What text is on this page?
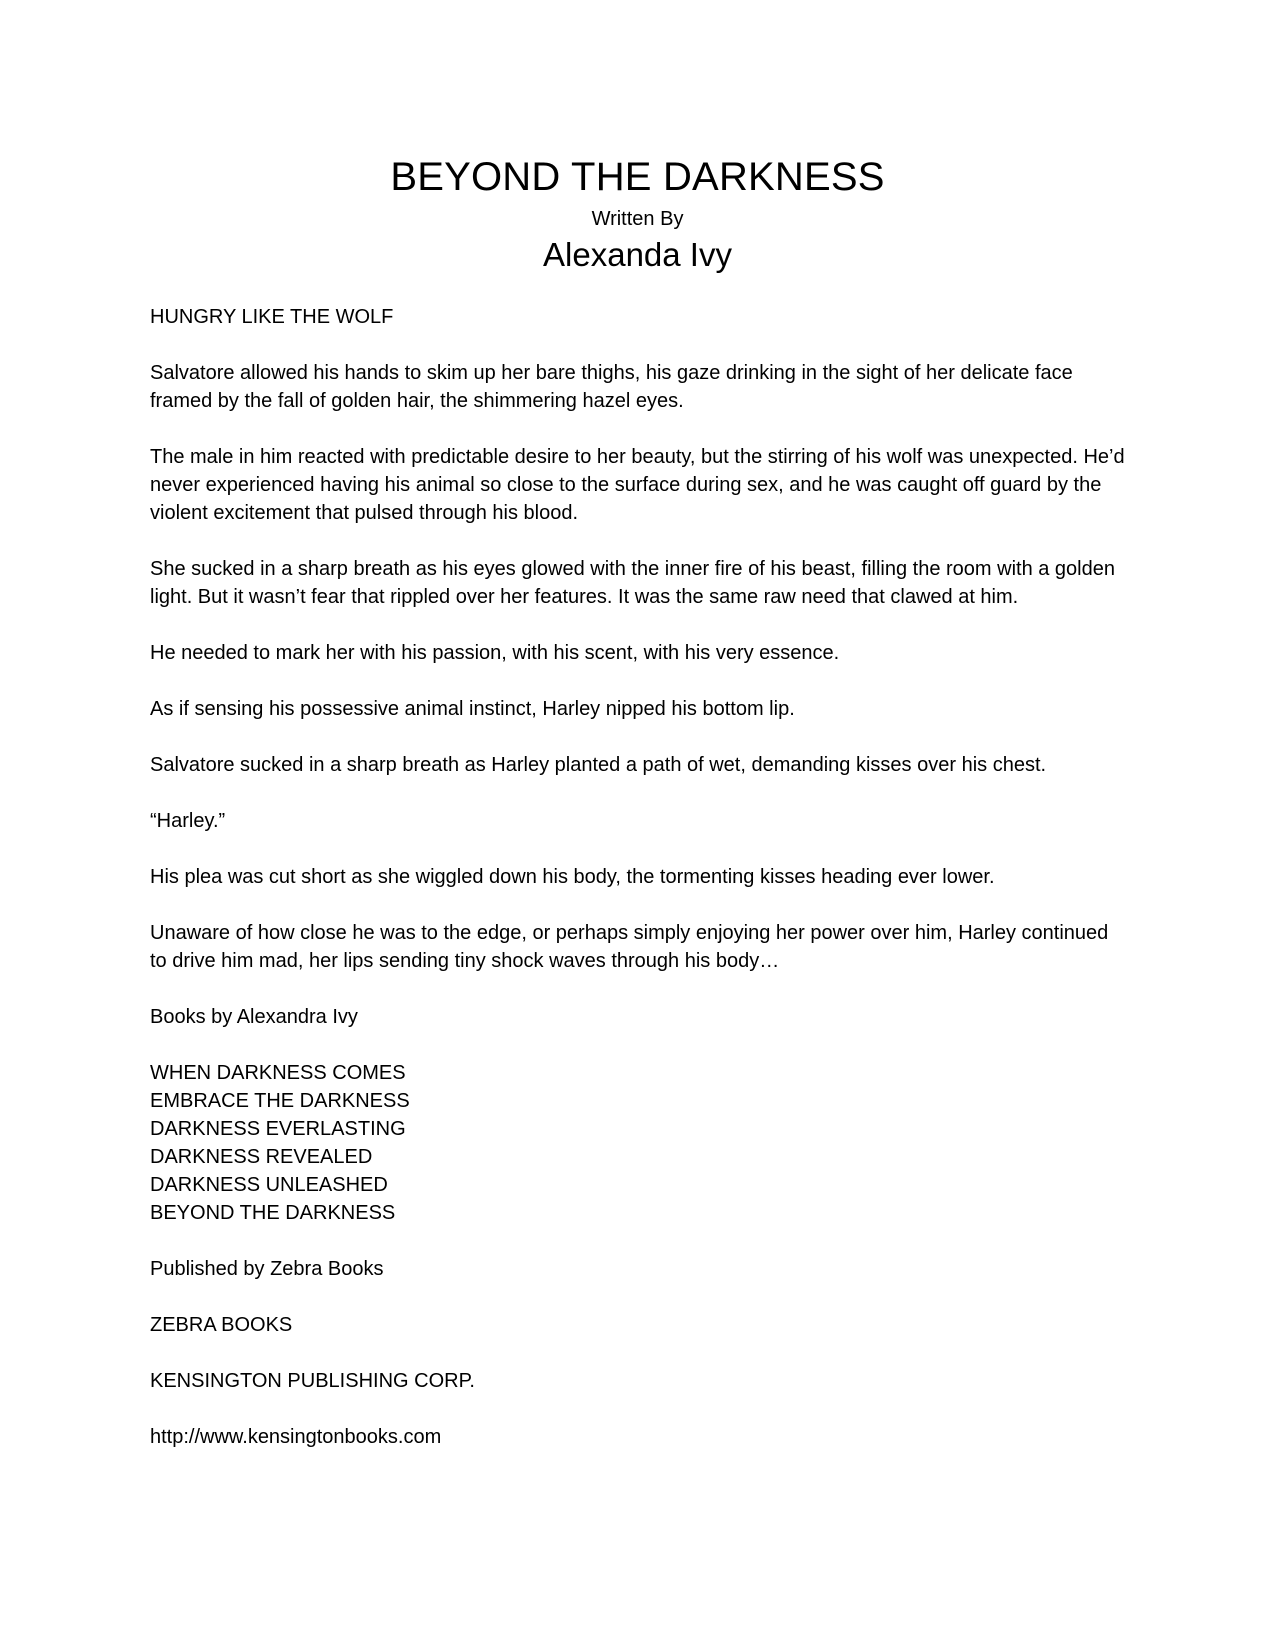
BEYOND THE DARKNESS
Written By
Alexanda Ivy

HUNGRY LIKE THE WOLF

Salvatore allowed his hands to skim up her bare thighs, his gaze drinking in the sight of her delicate face framed by the fall of golden hair, the shimmering hazel eyes.

The male in him reacted with predictable desire to her beauty, but the stirring of his wolf was unexpected. He’d never experienced having his animal so close to the surface during sex, and he was caught off guard by the violent excitement that pulsed through his blood.

She sucked in a sharp breath as his eyes glowed with the inner fire of his beast, filling the room with a golden light. But it wasn’t fear that rippled over her features. It was the same raw need that clawed at him.

He needed to mark her with his passion, with his scent, with his very essence.

As if sensing his possessive animal instinct, Harley nipped his bottom lip.

Salvatore sucked in a sharp breath as Harley planted a path of wet, demanding kisses over his chest.

“Harley.”

His plea was cut short as she wiggled down his body, the tormenting kisses heading ever lower.

Unaware of how close he was to the edge, or perhaps simply enjoying her power over him, Harley continued to drive him mad, her lips sending tiny shock waves through his body…

Books by Alexandra Ivy

WHEN DARKNESS COMES
EMBRACE THE DARKNESS
DARKNESS EVERLASTING
DARKNESS REVEALED
DARKNESS UNLEASHED
BEYOND THE DARKNESS

Published by Zebra Books

ZEBRA BOOKS

KENSINGTON PUBLISHING CORP.

http://www.kensingtonbooks.com
